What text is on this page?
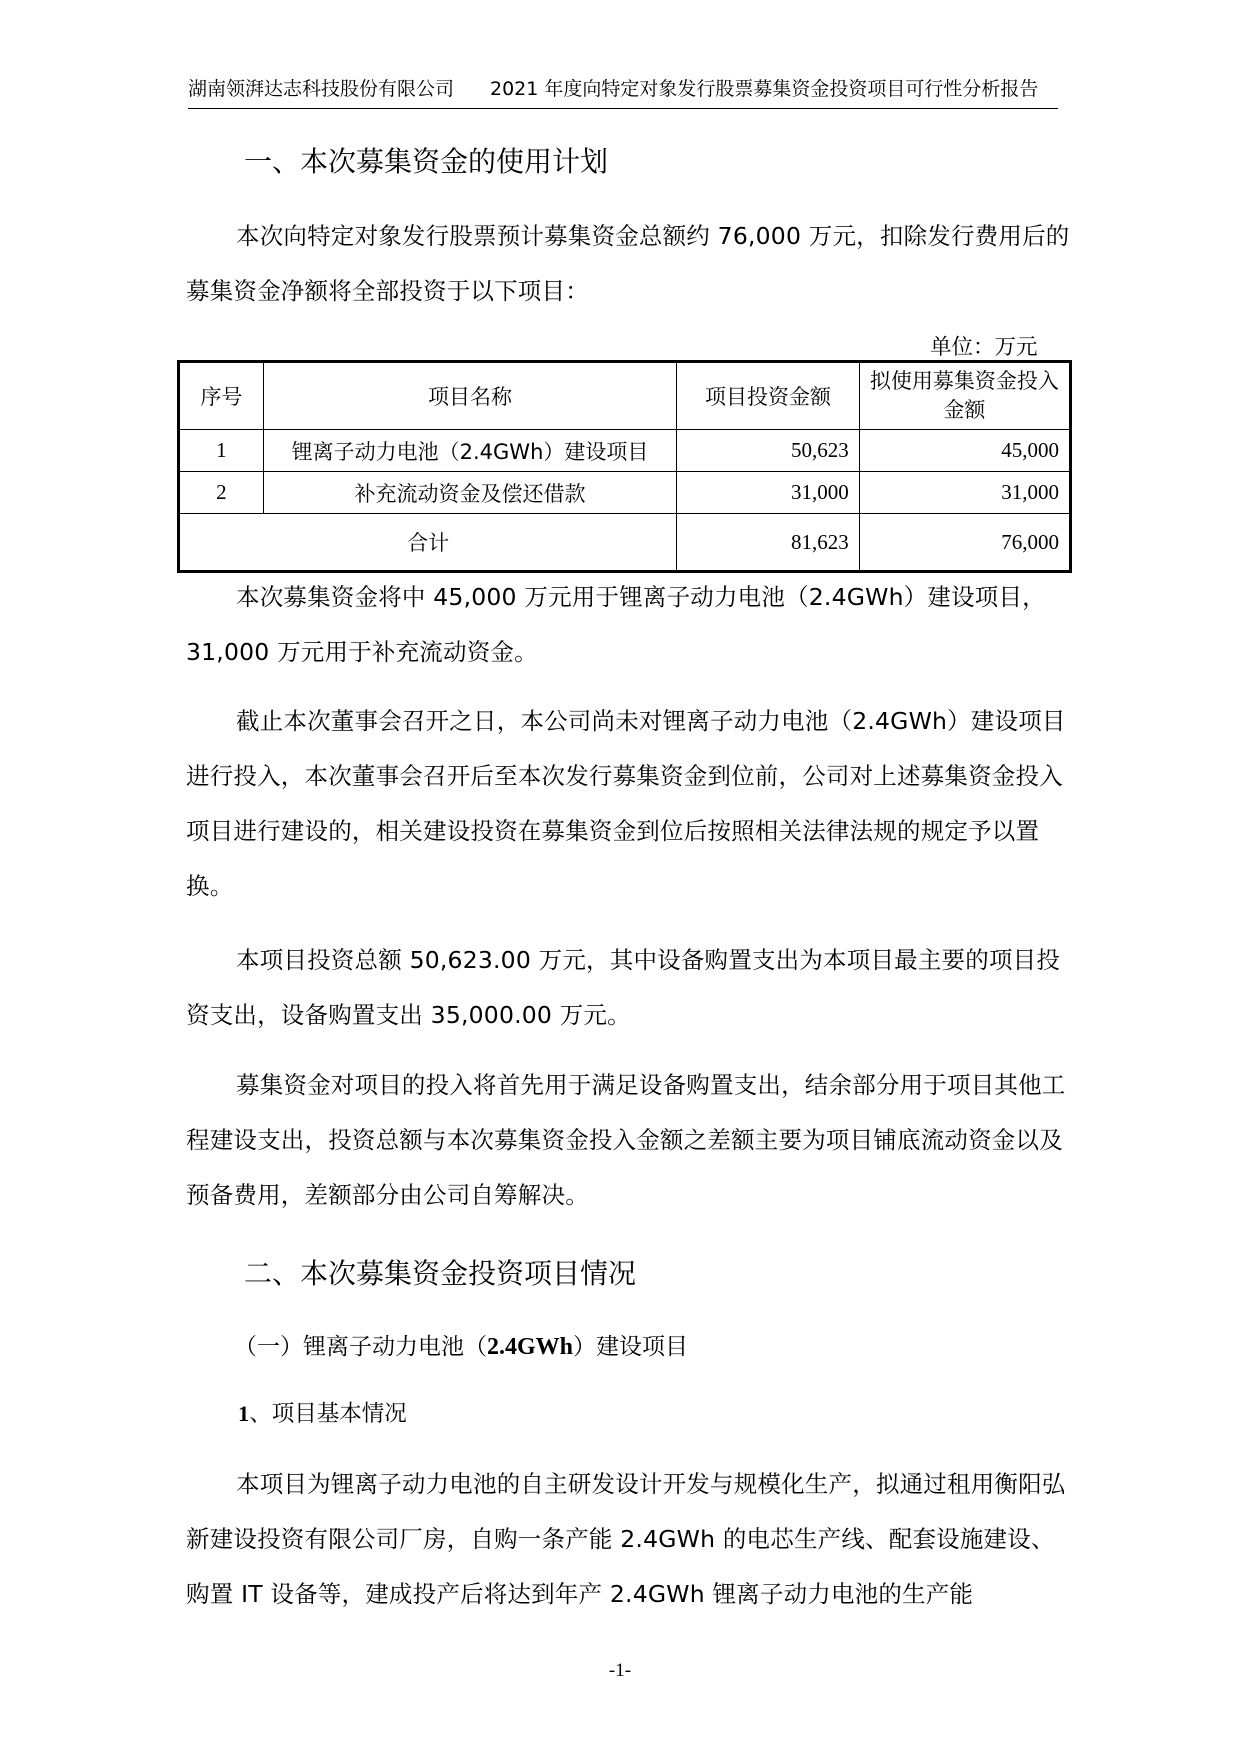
湖南领湃达志科技股份有限公司 2021 年度向特定对象发行股票募集资金投资项目可行性分析报告
一、本次募集资金的使用计划
本次向特定对象发行股票预计募集资金总额约 76,000 万元，扣除发行费用后的募集资金净额将全部投资于以下项目：
单位：万元
序号	项目名称	项目投资金额	拟使用募集资金投入金额
1	锂离子动力电池（2.4GWh）建设项目	50,623	45,000
2	补充流动资金及偿还借款	31,000	31,000
合计		81,623	76,000
本次募集资金将中 45,000 万元用于锂离子动力电池（2.4GWh）建设项目，31,000 万元用于补充流动资金。
截止本次董事会召开之日，本公司尚未对锂离子动力电池（2.4GWh）建设项目进行投入，本次董事会召开后至本次发行募集资金到位前，公司对上述募集资金投入项目进行建设的，相关建设投资在募集资金到位后按照相关法律法规的规定予以置换。
本项目投资总额 50,623.00 万元，其中设备购置支出为本项目最主要的项目投资支出，设备购置支出 35,000.00 万元。
募集资金对项目的投入将首先用于满足设备购置支出，结余部分用于项目其他工程建设支出，投资总额与本次募集资金投入金额之差额主要为项目铺底流动资金以及预备费用，差额部分由公司自筹解决。
二、本次募集资金投资项目情况
（一）锂离子动力电池（2.4GWh）建设项目
1、项目基本情况
本项目为锂离子动力电池的自主研发设计开发与规模化生产，拟通过租用衡阳弘新建设投资有限公司厂房，自购一条产能 2.4GWh 的电芯生产线、配套设施建设、购置 IT 设备等，建成投产后将达到年产 2.4GWh 锂离子动力电池的生产能
-1-
